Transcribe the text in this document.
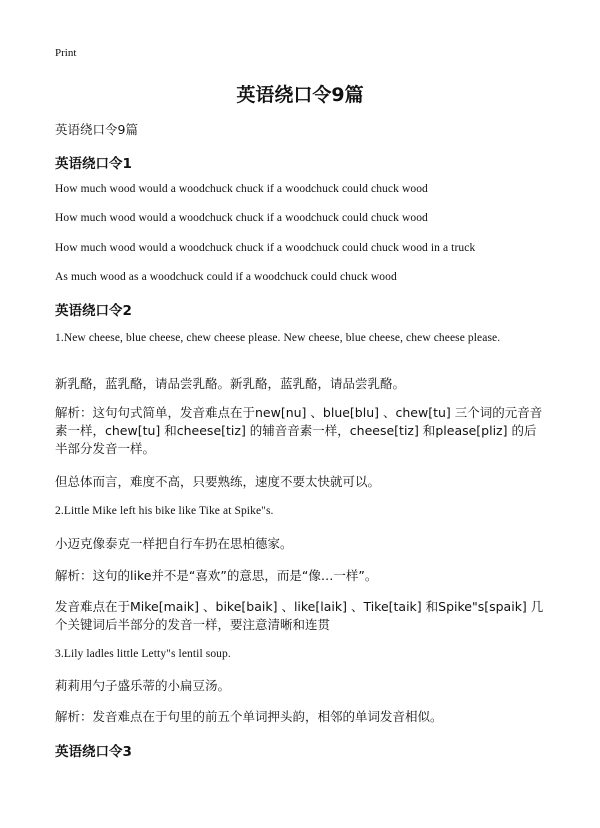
Print
英语绕口令9篇
英语绕口令9篇
英语绕口令1
How much wood would a woodchuck chuck if a woodchuck could chuck wood
How much wood would a woodchuck chuck if a woodchuck could chuck wood
How much wood would a woodchuck chuck if a woodchuck could chuck wood in a truck
As much wood as a woodchuck could if a woodchuck could chuck wood
英语绕口令2
1.New cheese, blue cheese, chew cheese please. New cheese, blue cheese, chew cheese please.
新乳酪，蓝乳酪，请品尝乳酪。新乳酪，蓝乳酪，请品尝乳酪。
解析：这句句式简单，发音难点在于new[nu] 、blue[blu] 、chew[tu] 三个词的元音音素一样，chew[tu] 和cheese[tiz] 的辅音音素一样，cheese[tiz] 和please[pliz] 的后半部分发音一样。
但总体而言，难度不高，只要熟练，速度不要太快就可以。
2.Little Mike left his bike like Tike at Spike"s.
小迈克像泰克一样把自行车扔在思柏德家。
解析：这句的like并不是“喜欢”的意思，而是“像…一样”。
发音难点在于Mike[maik] 、bike[baik] 、like[laik] 、Tike[taik] 和Spike"s[spaik] 几个关键词后半部分的发音一样，要注意清晰和连贯
3.Lily ladles little Letty"s lentil soup.
莉莉用勺子盛乐蒂的小扁豆汤。
解析：发音难点在于句里的前五个单词押头韵，相邻的单词发音相似。
英语绕口令3
